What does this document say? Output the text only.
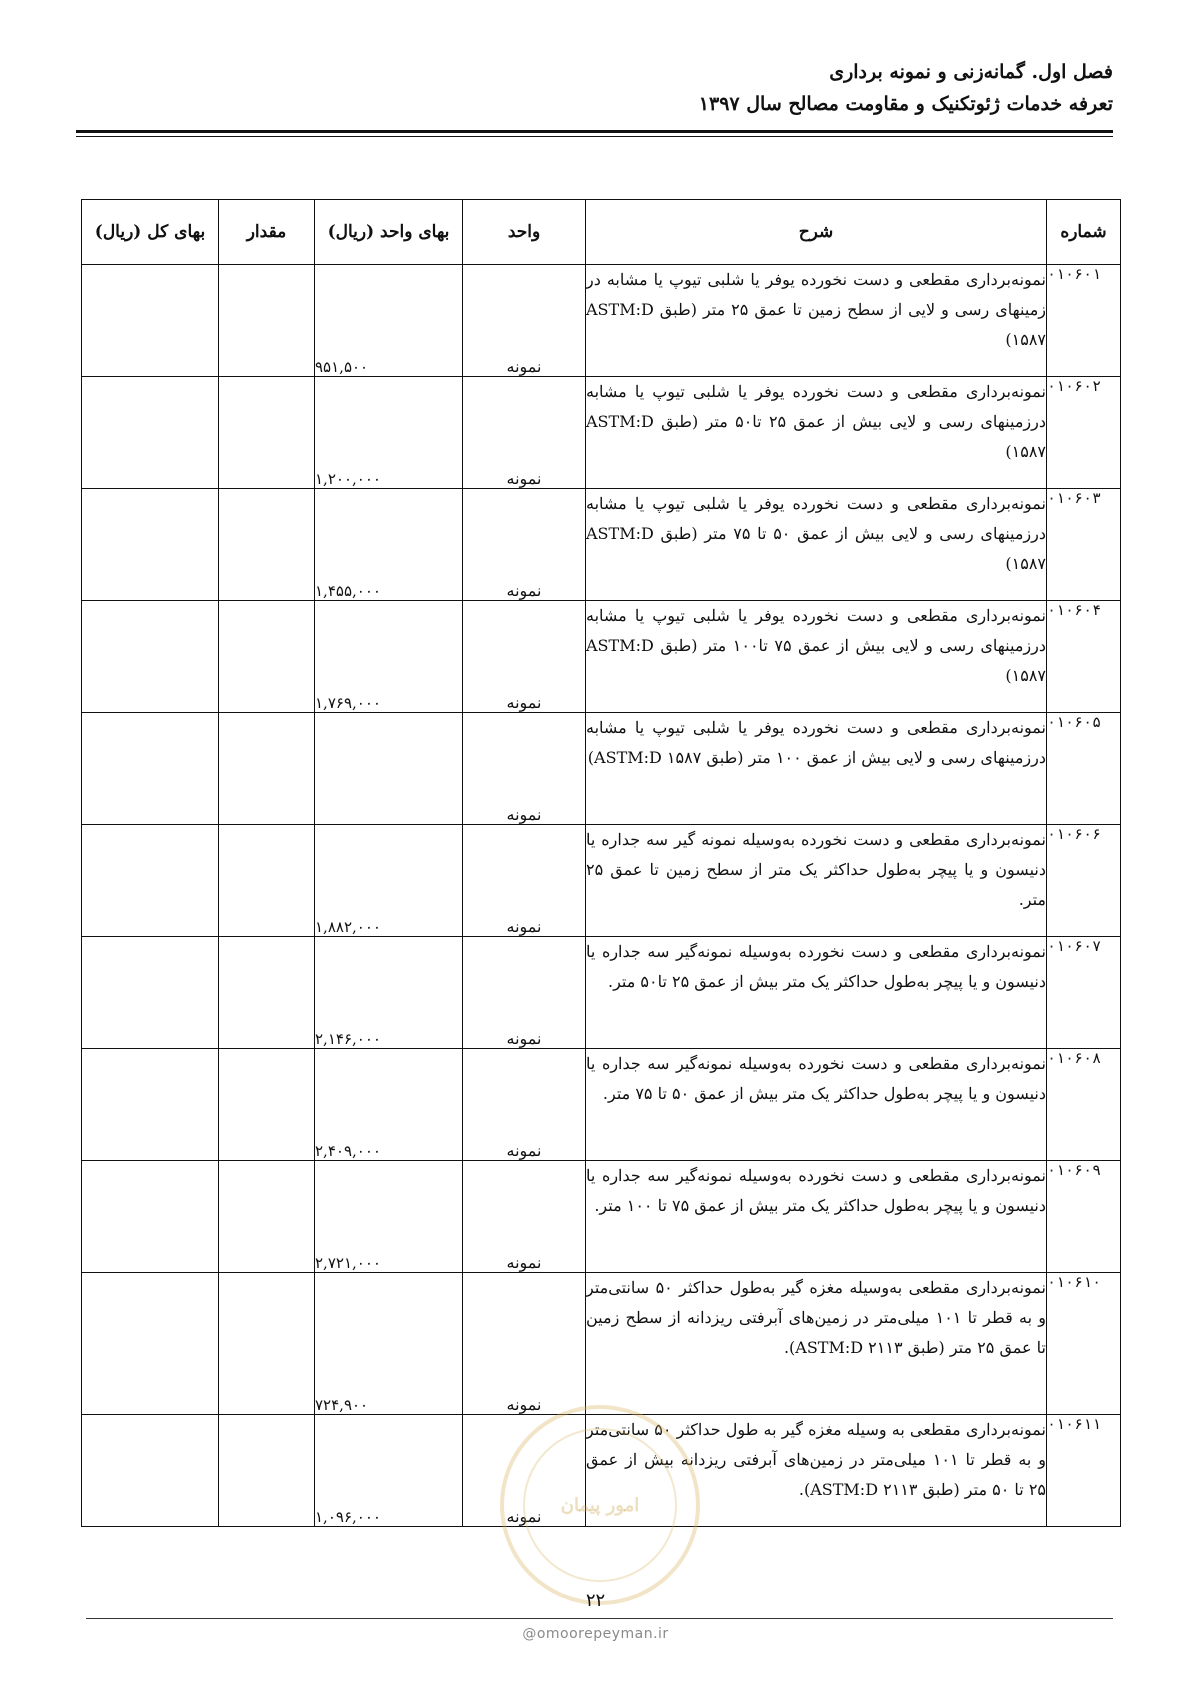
فصل اول. گمانه‌زنی و نمونه برداری
تعرفه خدمات ژئوتکنیک و مقاومت مصالح سال ۱۳۹۷
شماره	شرح	واحد	بهای واحد (ریال)	مقدار	بهای کل (ریال)
۰۱۰۶۰۱	نمونه‌برداری مقطعی و دست نخورده یوفر یا شلبی تیوپ یا مشابه در زمینهای رسی و لایی از سطح زمین تا عمق ۲۵ متر (طبق ASTM:D ۱۵۸۷)	نمونه	۹۵۱,۵۰۰		
۰۱۰۶۰۲	نمونه‌برداری مقطعی و دست نخورده یوفر یا شلبی تیوپ یا مشابه درزمینهای رسی و لایی بیش از عمق ۲۵ تا۵۰ متر (طبق ASTM:D ۱۵۸۷)	نمونه	۱,۲۰۰,۰۰۰		
۰۱۰۶۰۳	نمونه‌برداری مقطعی و دست نخورده یوفر یا شلبی تیوپ یا مشابه درزمینهای رسی و لایی بیش از عمق ۵۰ تا ۷۵ متر (طبق ASTM:D ۱۵۸۷)	نمونه	۱,۴۵۵,۰۰۰		
۰۱۰۶۰۴	نمونه‌برداری مقطعی و دست نخورده یوفر یا شلبی تیوپ یا مشابه درزمینهای رسی و لایی بیش از عمق ۷۵ تا۱۰۰ متر (طبق ASTM:D ۱۵۸۷)	نمونه	۱,۷۶۹,۰۰۰		
۰۱۰۶۰۵	نمونه‌برداری مقطعی و دست نخورده یوفر یا شلبی تیوپ یا مشابه درزمینهای رسی و لایی بیش از عمق ۱۰۰ متر (طبق ASTM:D ۱۵۸۷)	نمونه			
۰۱۰۶۰۶	نمونه‌برداری مقطعی و دست نخورده به‌وسیله نمونه گیر سه جداره یا دنیسون و یا پیچر به‌طول حداکثر یک متر از سطح زمین تا عمق ۲۵ متر.	نمونه	۱,۸۸۲,۰۰۰		
۰۱۰۶۰۷	نمونه‌برداری مقطعی و دست نخورده به‌وسیله نمونه‌گیر سه جداره یا دنیسون و یا پیچر به‌طول حداکثر یک متر بیش از عمق ۲۵ تا۵۰ متر.	نمونه	۲,۱۴۶,۰۰۰		
۰۱۰۶۰۸	نمونه‌برداری مقطعی و دست نخورده به‌وسیله نمونه‌گیر سه جداره یا دنیسون و یا پیچر به‌طول حداکثر یک متر بیش از عمق ۵۰ تا ۷۵ متر.	نمونه	۲,۴۰۹,۰۰۰		
۰۱۰۶۰۹	نمونه‌برداری مقطعی و دست نخورده به‌وسیله نمونه‌گیر سه جداره یا دنیسون و یا پیچر به‌طول حداکثر یک متر بیش از عمق ۷۵ تا ۱۰۰ متر.	نمونه	۲,۷۲۱,۰۰۰		
۰۱۰۶۱۰	نمونه‌برداری مقطعی به‌وسیله مغزه گیر به‌طول حداکثر ۵۰ سانتی‌متر و به قطر تا ۱۰۱ میلی‌متر در زمین‌های آبرفتی ریزدانه از سطح زمین تا عمق ۲۵ متر (طبق ۲۱۱۳ ASTM:D).	نمونه	۷۲۴,۹۰۰		
۰۱۰۶۱۱	نمونه‌برداری مقطعی به وسیله مغزه گیر به طول حداکثر ۵۰ سانتی‌متر و به قطر تا ۱۰۱ میلی‌متر در زمین‌های آبرفتی ریزدانه بیش از عمق ۲۵ تا ۵۰ متر (طبق ASTM:D ۲۱۱۳).	نمونه	۱,۰۹۶,۰۰۰		
امور پیمان
۲۲
@omoorepeyman.ir
